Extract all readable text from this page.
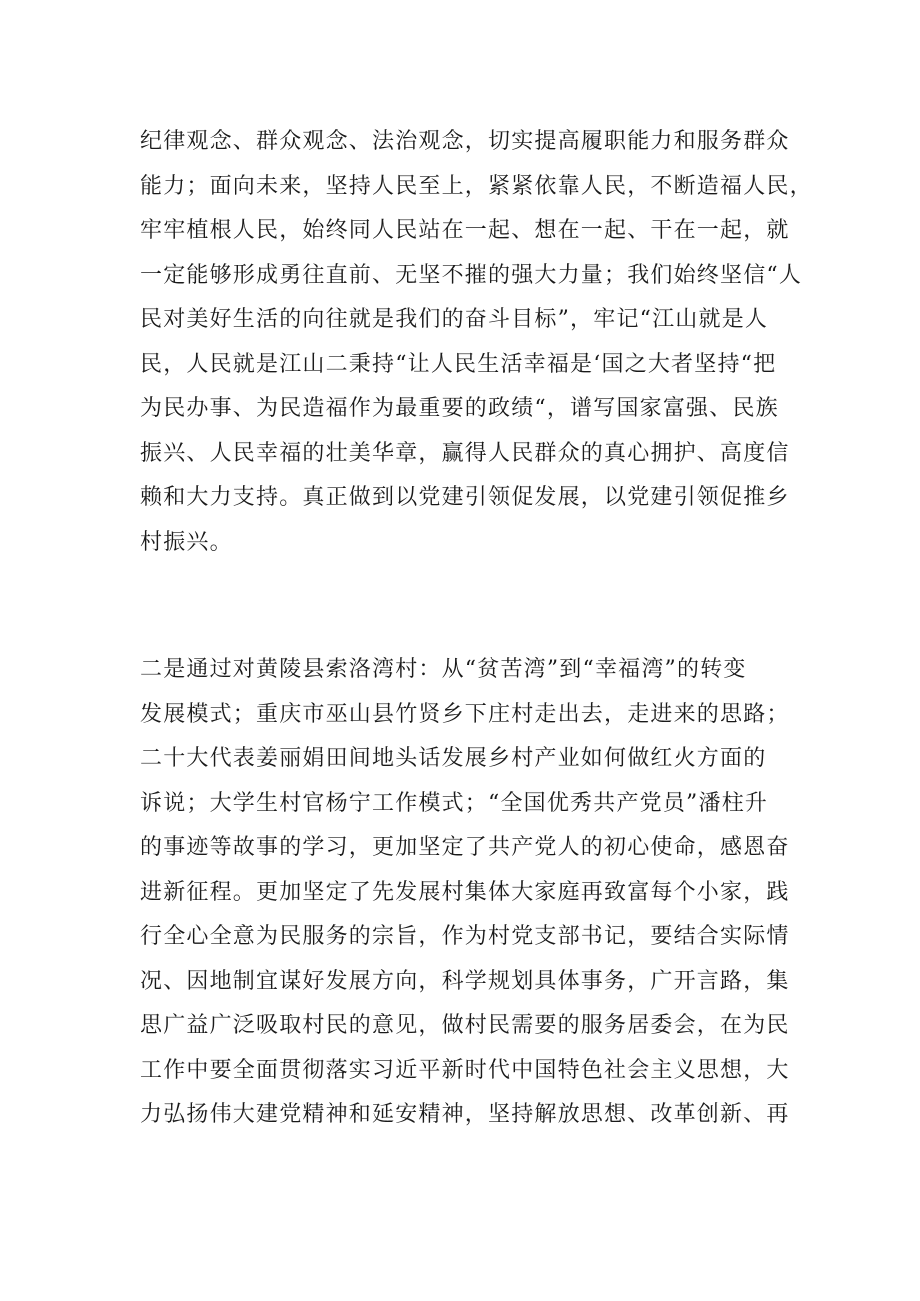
纪律观念、群众观念、法治观念，切实提高履职能力和服务群众
能力；面向未来，坚持人民至上，紧紧依靠人民，不断造福人民，
牢牢植根人民，始终同人民站在一起、想在一起、干在一起，就
一定能够形成勇往直前、无坚不摧的强大力量；我们始终坚信“人
民对美好生活的向往就是我们的奋斗目标”，牢记“江山就是人
民，人民就是江山二秉持“让人民生活幸福是‘国之大者坚持“把
为民办事、为民造福作为最重要的政绩“，谱写国家富强、民族
振兴、人民幸福的壮美华章，赢得人民群众的真心拥护、高度信
赖和大力支持。真正做到以党建引领促发展，以党建引领促推乡
村振兴。
二是通过对黄陵县索洛湾村：从“贫苦湾”到“幸福湾”的转变
发展模式；重庆市巫山县竹贤乡下庄村走出去，走进来的思路；
二十大代表姜丽娟田间地头话发展乡村产业如何做红火方面的
诉说；大学生村官杨宁工作模式；“全国优秀共产党员”潘柱升
的事迹等故事的学习，更加坚定了共产党人的初心使命，感恩奋
进新征程。更加坚定了先发展村集体大家庭再致富每个小家，践
行全心全意为民服务的宗旨，作为村党支部书记，要结合实际情
况、因地制宜谋好发展方向，科学规划具体事务，广开言路，集
思广益广泛吸取村民的意见，做村民需要的服务居委会，在为民
工作中要全面贯彻落实习近平新时代中国特色社会主义思想，大
力弘扬伟大建党精神和延安精神，坚持解放思想、改革创新、再
